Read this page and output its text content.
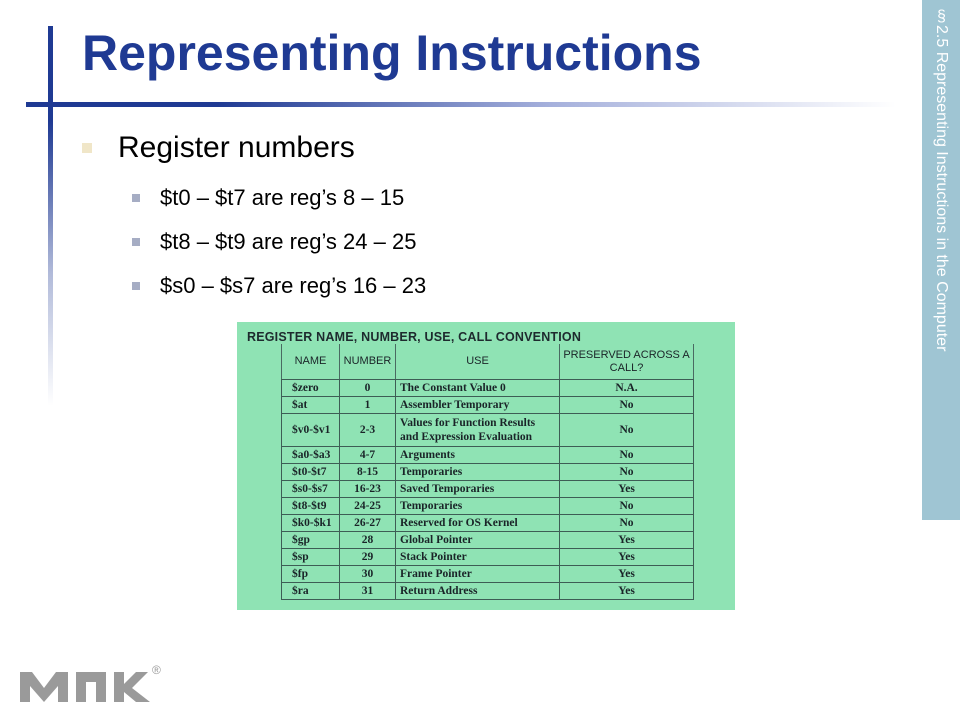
Representing Instructions	§2.5 Representing Instructions in the Computer
Register numbers
$t0 – $t7 are reg’s 8 – 15
$t8 – $t9 are reg’s 24 – 25
$s0 – $s7 are reg’s 16 – 23
REGISTER NAME, NUMBER, USE, CALL CONVENTION
NAME	NUMBER	USE	PRESERVED ACROSS A CALL?
$zero	0	The Constant Value 0	N.A.
$at	1	Assembler Temporary	No
$v0-$v1	2-3	Values for Function Results and Expression Evaluation	No
$a0-$a3	4-7	Arguments	No
$t0-$t7	8-15	Temporaries	No
$s0-$s7	16-23	Saved Temporaries	Yes
$t8-$t9	24-25	Temporaries	No
$k0-$k1	26-27	Reserved for OS Kernel	No
$gp	28	Global Pointer	Yes
$sp	29	Stack Pointer	Yes
$fp	30	Frame Pointer	Yes
$ra	31	Return Address	Yes
®
